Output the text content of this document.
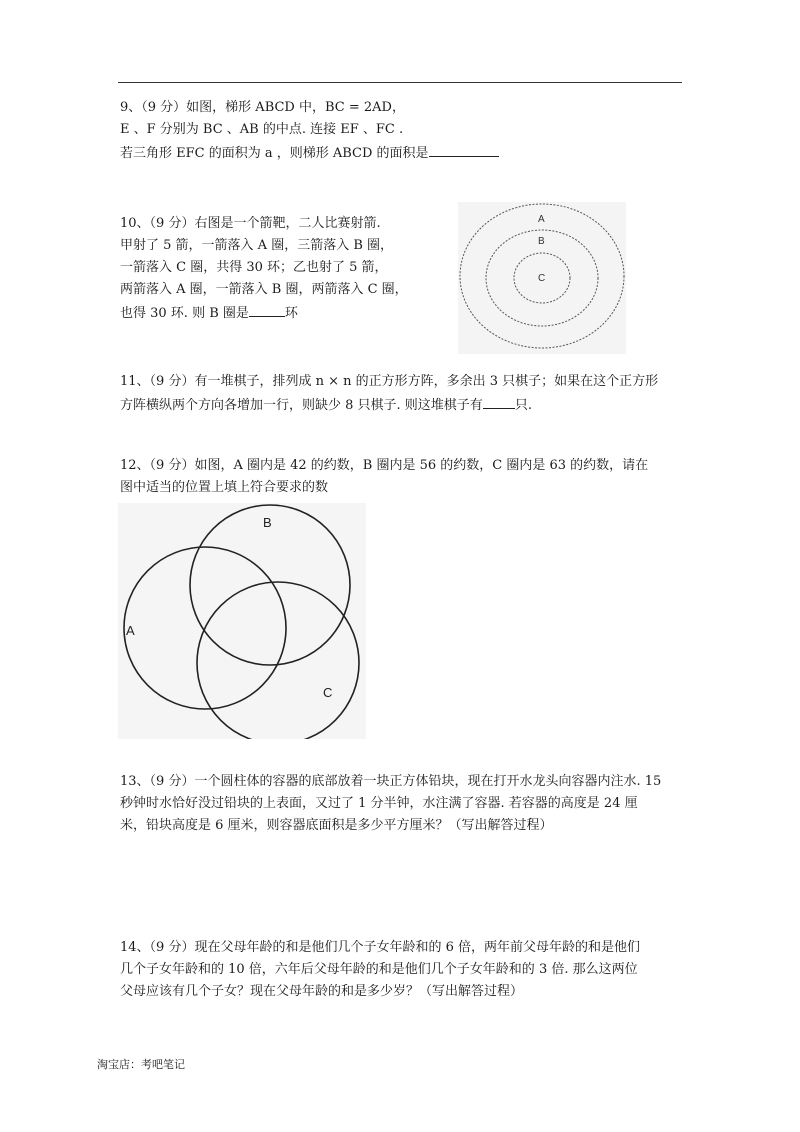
9、（9 分）如图，梯形 ABCD 中，BC = 2AD，
E 、F 分别为 BC 、AB 的中点. 连接 EF 、FC .
若三角形 EFC 的面积为 a ，则梯形 ABCD 的面积是
10、（9 分）右图是一个箭靶，二人比赛射箭.
甲射了 5 箭，一箭落入 A 圈，三箭落入 B 圈，
一箭落入 C 圈，共得 30 环；乙也射了 5 箭，
两箭落入 A 圈，一箭落入 B 圈，两箭落入 C 圈，
也得 30 环. 则 B 圈是	环
A
B
C
11、（9 分）有一堆棋子，排列成 n × n 的正方形方阵，多余出 3 只棋子；如果在这个正方形
方阵横纵两个方向各增加一行，则缺少 8 只棋子. 则这堆棋子有 只.
12、（9 分）如图，A 圈内是 42 的约数，B 圈内是 56 的约数，C 圈内是 63 的约数，请在
图中适当的位置上填上符合要求的数
A
B
C
13、（9 分）一个圆柱体的容器的底部放着一块正方体铅块，现在打开水龙头向容器内注水. 15
秒钟时水恰好没过铅块的上表面，又过了 1 分半钟，水注满了容器. 若容器的高度是 24 厘
米，铅块高度是 6 厘米，则容器底面积是多少平方厘米？（写出解答过程）
14、（9 分）现在父母年龄的和是他们几个子女年龄和的 6 倍，两年前父母年龄的和是他们
几个子女年龄和的 10 倍，六年后父母年龄的和是他们几个子女年龄和的 3 倍. 那么这两位
父母应该有几个子女？现在父母年龄的和是多少岁？（写出解答过程）
淘宝店：考吧笔记
